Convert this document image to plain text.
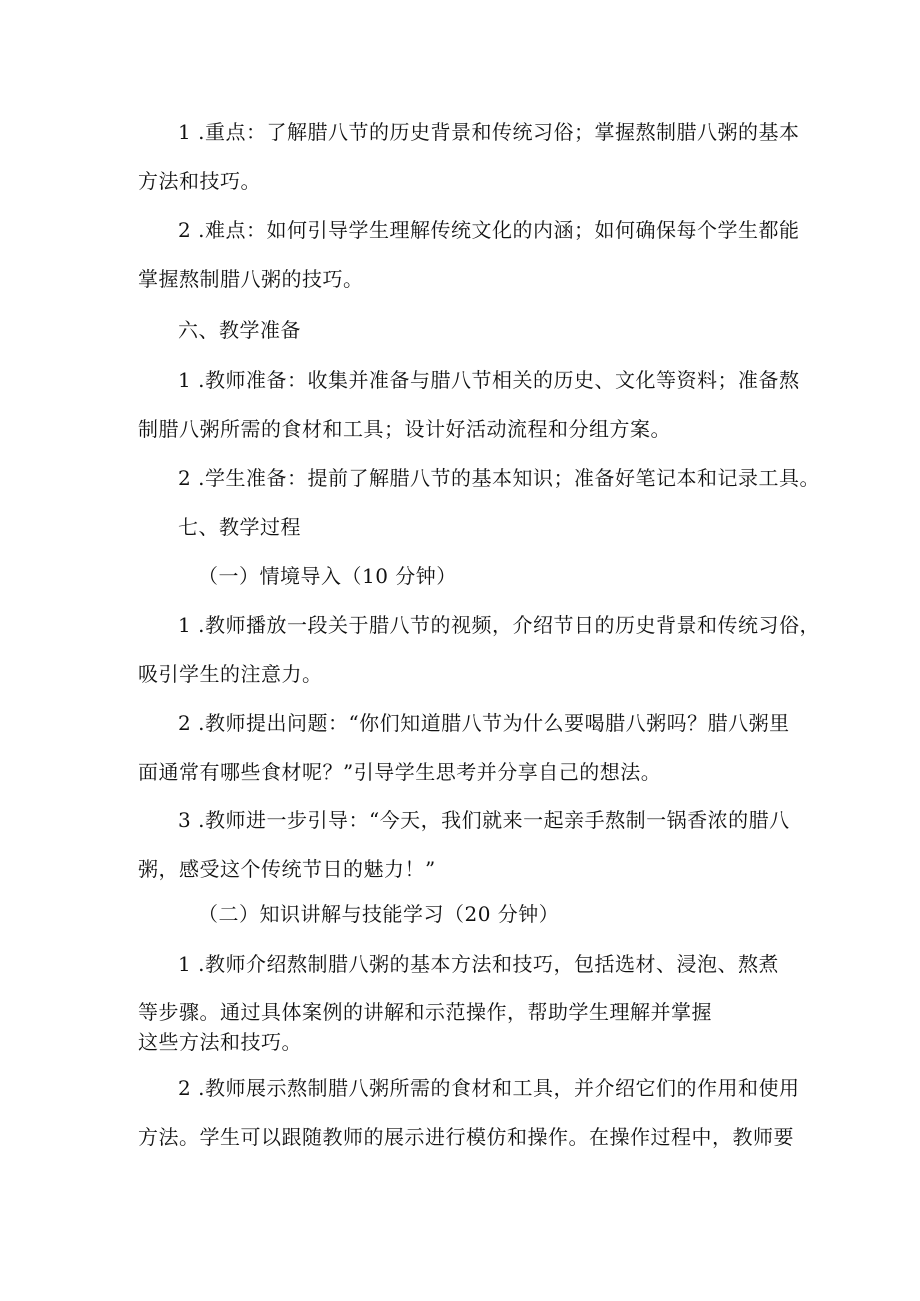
1 .重点：了解腊八节的历史背景和传统习俗；掌握熬制腊八粥的基本
方法和技巧。
2 .难点：如何引导学生理解传统文化的内涵；如何确保每个学生都能
掌握熬制腊八粥的技巧。
六、教学准备
1 .教师准备：收集并准备与腊八节相关的历史、文化等资料；准备熬
制腊八粥所需的食材和工具；设计好活动流程和分组方案。
2 .学生准备：提前了解腊八节的基本知识；准备好笔记本和记录工具。
七、教学过程
（一）情境导入（10 分钟）
1 .教师播放一段关于腊八节的视频，介绍节日的历史背景和传统习俗，
吸引学生的注意力。
2 .教师提出问题：“你们知道腊八节为什么要喝腊八粥吗？腊八粥里
面通常有哪些食材呢？”引导学生思考并分享自己的想法。
3 .教师进一步引导：“今天，我们就来一起亲手熬制一锅香浓的腊八
粥，感受这个传统节日的魅力！”
（二）知识讲解与技能学习（20 分钟）
1 .教师介绍熬制腊八粥的基本方法和技巧，包括选材、浸泡、熬煮
等步骤。通过具体案例的讲解和示范操作，帮助学生理解并掌握
这些方法和技巧。
2 .教师展示熬制腊八粥所需的食材和工具，并介绍它们的作用和使用
方法。学生可以跟随教师的展示进行模仿和操作。在操作过程中，教师要
